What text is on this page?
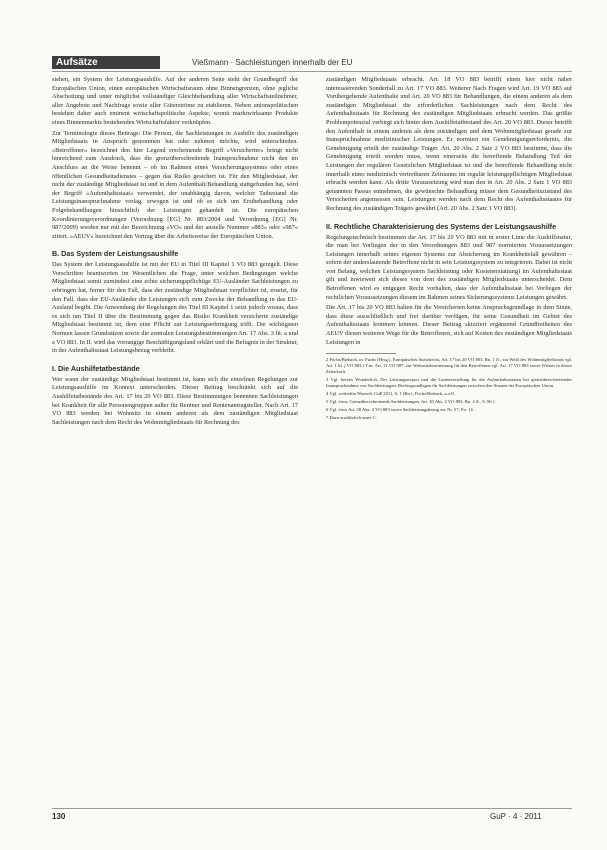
Aufsätze	Vießmann · Sachleistungen innerhalb der EU

stehen, ein System der Leistungsaushilfe. Auf der anderen Seite steht der Grundbegriff der Europäischen Union, einen europäischen Wirtschaftsraum ohne Binnengrenzen, ohne jegliche Abschottung und unter möglichst vollständiger Gleichbehandlung aller Wirtschaftsteilnehmer, aller Angebote und Nachfrage sowie aller Güterströme zu etablieren. Neben unionspolitischen bestehen daher auch eminent wirtschaftspolitische Aspekte, womit marktwirksame Produkte eines Binnenmarkts bestehenden Wirtschaftsfaktor verknüpfen.

Zur Terminologie dieses Beitrags: Die Person, die Sachleistungen in Aushilfe des zuständigen Mitgliedstaats in Anspruch genommen hat oder nehmen möchte, wird unterschieden. »Betroffener« bezeichnet den hier Legend erscheinende Begriff »Versicherter« bringt nicht hinreichend zum Ausdruck, dass die grenzüberschreitende Inanspruchnahme nicht den im Anschluss an die Weise benennt – ob im Rahmen eines Versicherungssystems oder eines öffentlichen Gesundheitsdienstes – gegen das Risiko gesichert ist. Für den Mitgliedstaat, der nicht der zuständige Mitgliedstaat ist und in dem Aufenthalt/Behandlung stattgefunden hat, wird der Begriff »Aufenthaltsstaat« verwendet, der unabhängig davon, welcher Tatbestand die Leistungsinanspruchnahme vorlag, erwogen ist und ob es sich um Erstbehandlung oder Folgebehandlungen hinsichtlich der Leistungen gehandelt ist. Die europäischen Koordinierungsverordnungen (Verordnung [EG] Nr. 883/2004 und Verordnung [EG] Nr. 987/2009) werden nur mit der Bezeichnung »VO« und der anstelle Nummer »883« oder »987« zitiert. »AEUV« bezeichnet den Vertrag über die Arbeitsweise der Europäischen Union.

B. Das System der Leistungsaushilfe

Das System der Leistungsaushilfe ist mit der EU in Titel III Kapitel 1 VO 883 geregelt. Diese Vorschriften beantworten im Wesentlichen die Frage, unter welchen Bedingungen welche Mitgliedstaat somit zumindest eine echte sicherungspflichtige EU-Ausländer Sachleistungen zu erbringen hat, ferner für den Fall, dass der zuständige Mitgliedstaat verpflichtet ist, ersetzt, für den Fall, dass der EU-Ausländer die Leistungen sich zum Zwecke der Behandlung in das EU-Ausland begibt. Die Anwendung der Regelungen des Titel III Kapitel 1 setzt jedoch voraus, dass es sich um Titel II über die Bestimmung gegen das Risiko Krankheit versicherte zuständige Mitgliedstaat bestimmt ist, dem eine Pflicht zur Leistungserbringung trifft. Die wichtigsten Normen lassen Grundsätzen sowie die zentralen Leistungsbestimmungen Art. 17 Abs. 3 lit. a und a VO 883. In II. wird das vorrangige Beschäftigungsland erklärt und die Befugnis in der Struktur, in der Aufenthaltsstaat Leistungsbezug verbleibt.

I. Die Aushilfetatbestände

Wer wann der zuständige Mitgliedstaat bestimmt ist, kann sich die einzelnen Regelungen zur Leistungsaushilfe im Kontext unterscheiden. Dieser Beitrag beschränkt sich auf die Aushilfetatbestände des Art. 17 bis 20 VO 883. Diese Bestimmungen benennen Sachleistungen bei Krankheit für alle Personengruppen außer für Rentner und Rentenantragsteller. Nach Art. 17 VO 883 werden bei Wohnsitz in einem anderen als dem zuständigen Mitgliedstaat Sachleistungen nach dem Recht des Wohnmitgliedstaats für Rechnung des

zuständigen Mitgliedstaats erbracht. Art. 18 VO 883 betrifft einen hier nicht näher interessierenden Sonderfall zu Art. 17 VO 883. Weiterer Nach Fragen wird Art. 19 VO 883 auf Vorübergehende Aufenthalte und Art. 20 VO 883 für Behandlungen, die einem anderen als dem zuständigen Mitgliedstaat die erforderlichen Sachleistungen nach dem Recht des Aufenthaltsstaats für Rechnung des zuständigen Mitgliedstaats erbracht werden. Das größte Problempotenzial verbirgt sich hinter dem Aushilfetatbestand des Art. 20 VO 883. Dieser betrifft den Aufenthalt in einem anderen als dem zuständigen und dem Wohnmitgliedstaat gerade zur Inanspruchnahme medizinischer Leistungen. Er normiert ein Genehmigungserfordernis, die Genehmigung erteilt der zuständige Träger. Art. 20 Abs. 2 Satz 2 VO 883 bestimmt, dass die Genehmigung erteilt werden muss, wenn einerseits die betreffende Behandlung Teil der Leistungen der regulären Gesetzlichen Mitgliedstaat ist und die betreffende Behandlung nicht innerhalb eines medizinisch vertretbaren Zeitraums im regulär leistungspflichtigen Mitgliedstaat erbracht werden kann. Als dritte Voraussetzung wird man den in Art. 20 Abs. 2 Satz 1 VO 883 genannten Passus entnehmen, die gewünschte Behandlung müsse dem Gesundheitszustand des Versicherten angemessen sein. Leistungen werden nach dem Recht des Aufenthaltsstaates für Rechnung des zuständigen Trägers gewährt (Art. 20 Abs. 2 Satz 1 VO 883).

II. Rechtliche Charakterisierung des Systems der Leistungsaushilfe

Regelungstechnisch bestimmen die Art. 17 bis 20 VO 883 mit in erster Linie die Aushilfsnatur, die man bei Vorliegen der in den Verordnungen 883 und 987 normierten Voraussetzungen Leistungen innerhalb seines eigenen Systems zur Absicherung im Krankheitsfall gewähren – sofern der anderslautende Betroffene nicht in sein Leistungssystem zu integrieren. Dabei ist nicht von Belang, welchen Leistungssystem Sachleistung oder Kostenerstattung) im Aufenthaltsstaat gilt und inwieweit sich dieses von dem des zuständigen Mitgliedstaats unterscheidet. Dem Betroffenen wird es entgegen Recht vorhalten, dass der Aufenthaltsstaat bei Vorliegen der rechtlichen Voraussetzungen diesem im Rahmen seines Sicherungssystems Leistungen gewährt.

Die Art. 17 bis 20 VO 883 halten für die Versicherten keine Anspruchsgrundlage in dem Sinne, dass diese ausschließlich und frei darüber verfügen, für seine Gesundheit im Gebiet des Aufenthaltsstaats kommen können. Dieser Beitrag skizziert ergänzend Grundfreiheiten des AEUV diesen weiteren Wege für die Betroffenen, sich auf Kosten des zuständigen Mitgliedstaats Leistungen in

2 Fuchs/Bieback, in: Fuchs (Hrsg.), Europäisches Sozialrecht, Art. 17 bis 20 VO 883, Rn. 1 ff.; zur Wahl des Wohnmitgliedstaats vgl. Art. 1 lit. j VO 883 i.V.m. Art. 11 VO 987; zur Wohnsitzbestimmung für den Betroffenen vgl. Art. 17 VO 883 sowie Wiener in dieser Zeitschrift.

3 Vgl. bereits Wunderlich, Der Leistungsexport und die Lastenverteilung für die Aufenthaltsstaaten bei grenzüberschreitender Inanspruchnahme von Sachleistungen, Rechtsgrundlagen für Sachleistungen zwischen den Staaten der Europäischen Union.

4 Vgl. weiterhin Wunsch, GuP 2011, S. 1 (Rn.); Fuchs/Bieback, a.a.O.

5 Vgl. etwa, Grenzüberschreitende Sachleistungen, Art. 20 Abs. 2 VO 883, Rn. 4 ff., S. 86 f.

6 Vgl. etwa Art. 20 Abs. 2 VO 883 sowie Sachleistungsbezug zur Nr. 57, Fn. 14.

7 Dazu ausführlich unter C.

130	GuP · 4 · 2011
